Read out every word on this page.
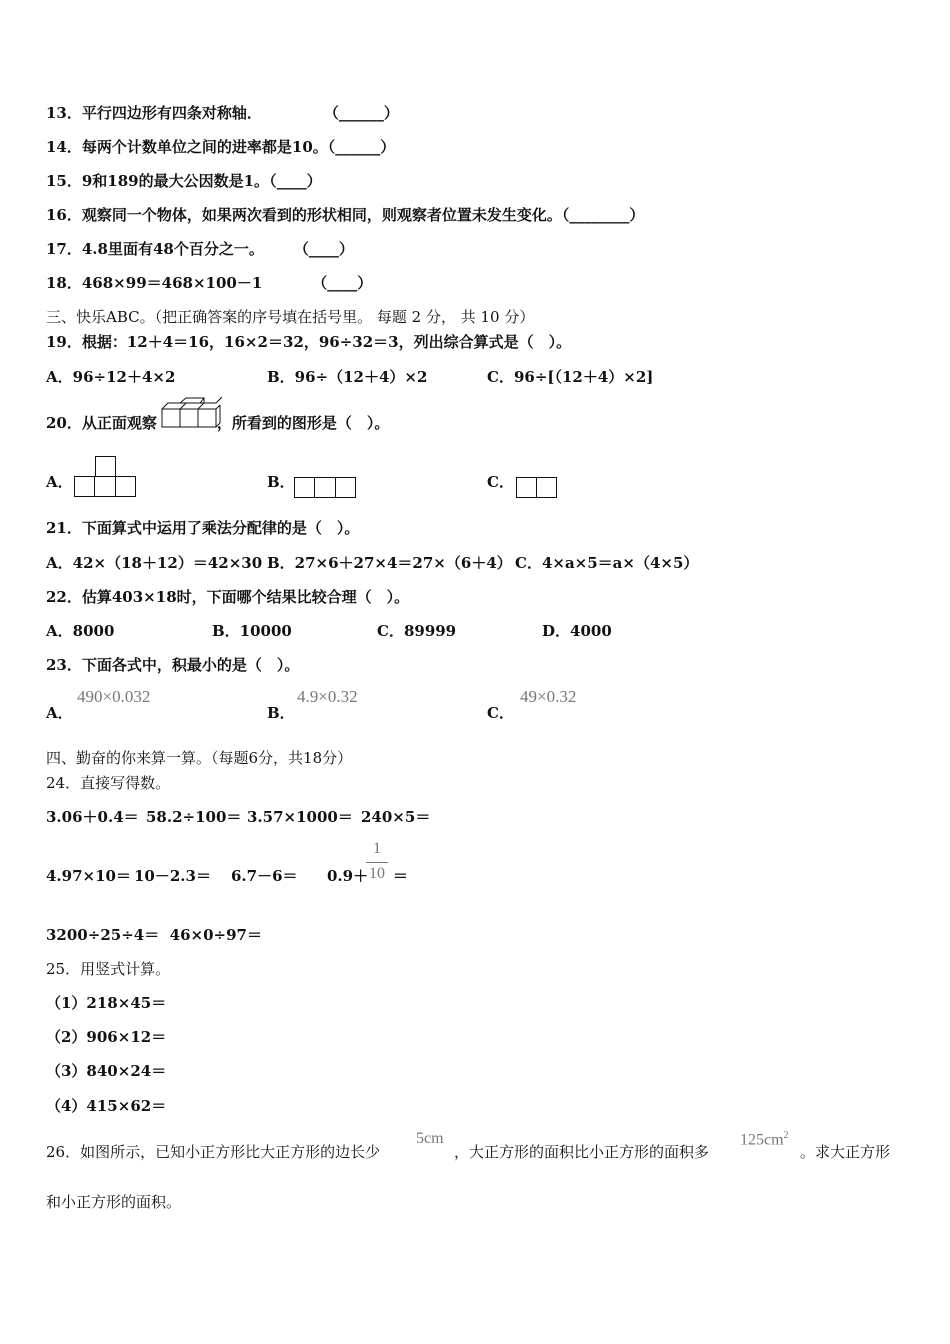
13．平行四边形有四条对称轴．	（______）
14．每两个计数单位之间的进率都是10。（______）
15．9和189的最大公因数是1。（____）
16．观察同一个物体，如果两次看到的形状相同，则观察者位置未发生变化。（________）
17．4.8里面有48个百分之一。 （____）
18．468×99＝468×100－1	（____）
三、快乐ABC。（把正确答案的序号填在括号里。 每题 2 分， 共 10 分）
19．根据：12＋4＝16，16×2＝32，96÷32＝3，列出综合算式是（　）。
A．96÷12＋4×2	B．96÷（12＋4）×2	C．96÷[（12＋4）×2]
20．从正面观察	，所看到的图形是（　）。
A．	B．	C．
21．下面算式中运用了乘法分配律的是（　）。
A．42×（18＋12）＝42×30 B．27×6＋27×4＝27×（6＋4） C．4×a×5＝a×（4×5）
22．估算403×18时，下面哪个结果比较合理（　）。
A．8000	B．10000	C．89999	D．4000
23．下面各式中，积最小的是（　）。
A．
490×0.032
B．
4.9×0.32
C．
49×0.32
四、勤奋的你来算一算。（每题6分，共18分）
24．直接写得数。
3.06＋0.4＝ 58.2÷100＝ 3.57×1000＝ 240×5＝
4.97×10＝ 10－2.3＝ 6.7－6＝ 0.9＋
1
10 ＝
3200÷25÷4＝  46×0÷97＝
25．用竖式计算。
（1）218×45＝
（2）906×12＝
（3）840×24＝
（4）415×62＝
26．如图所示，已知小正方形比大正方形的边长少
5cm
，大正方形的面积比小正方形的面积多
$125cm^2$
。求大正方形
和小正方形的面积。
